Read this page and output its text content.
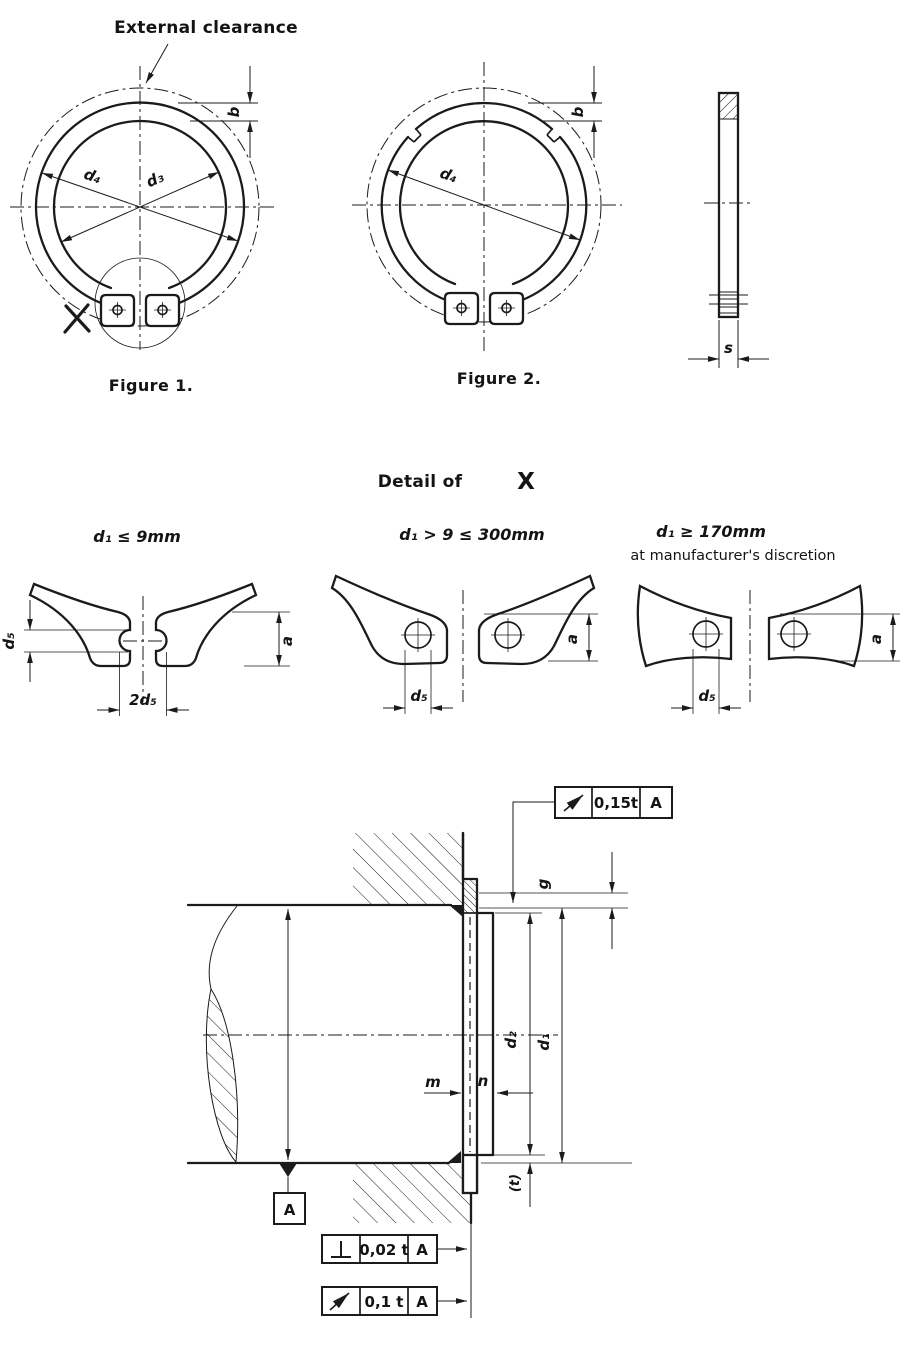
External clearance
b
d₄	d₃
Figure 1.
b
d₄
Figure 2.
s
Detail of X
d₁ ≤ 9mm	d₁ > 9 ≤ 300mm	d₁ ≥ 170mm
at manufacturer's discretion
d₅
2d₅
a
d₅
a
d₅
a
A
g
d₂ d₁
(t)
m n
0,15t A
0,02 t A
0,1 t A
